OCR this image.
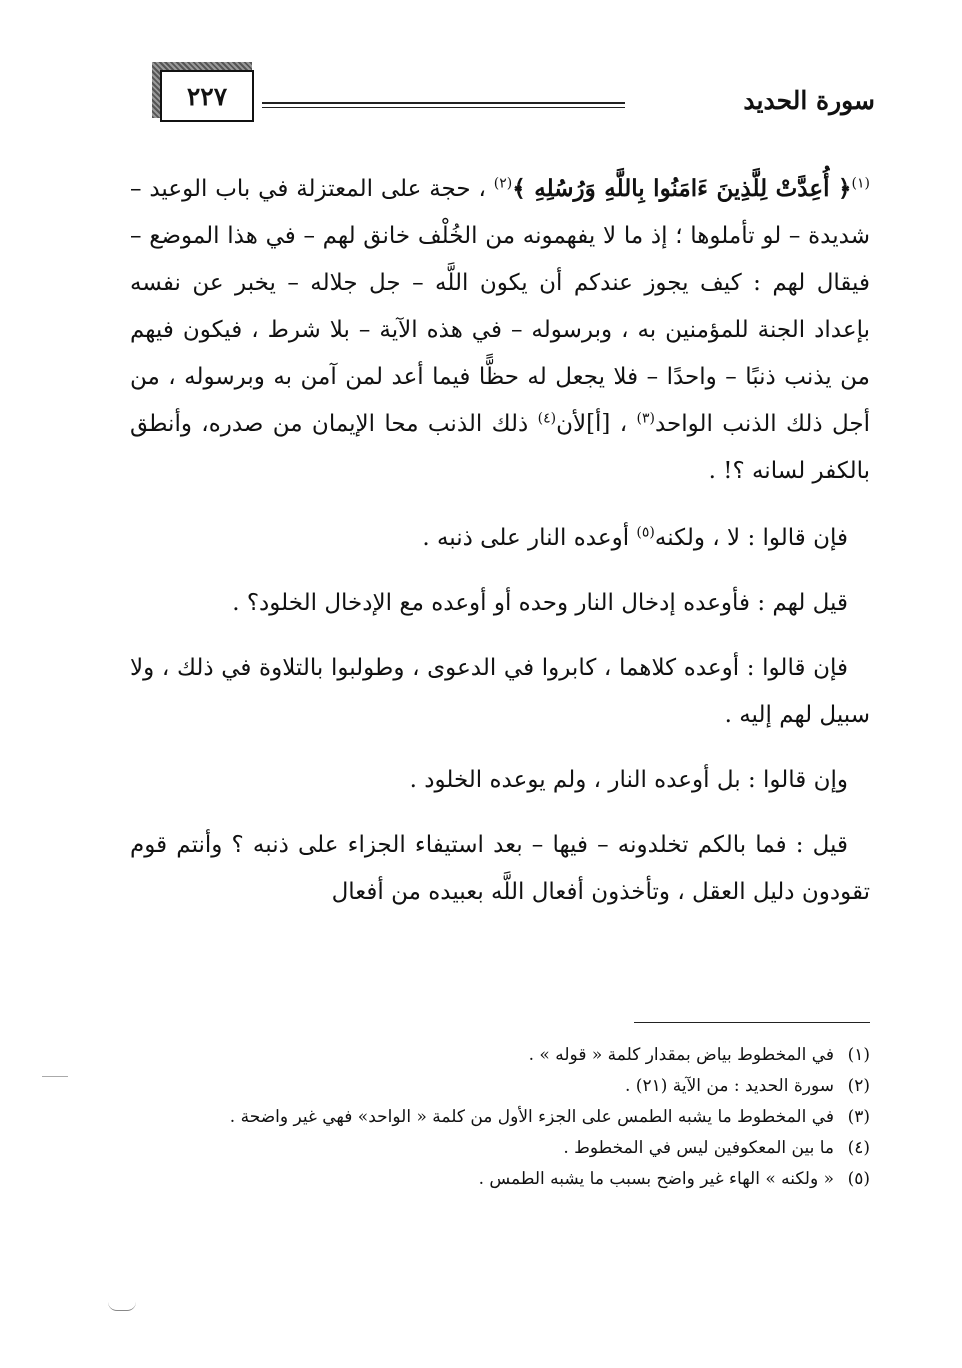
سورة الحديد
٢٢٧

$^{(١)}$﴿ أُعِدَّتْ لِلَّذِينَ ءَامَنُوا بِاللَّهِ وَرُسُلِهِ ﴾$^{(٢)}$ ، حجة على المعتزلة في باب الوعيد – شديدة – لو تأملوها ؛ إذ ما لا يفهمونه من الخُلْف خانق لهم – في هذا الموضع – فيقال لهم : كيف يجوز عندكم أن يكون اللَّه – جل جلاله – يخبر عن نفسه بإعداد الجنة للمؤمنين به ، وبرسوله – في هذه الآية – بلا شرط ، فيكون فيهم من يذنب ذنبًا – واحدًا – فلا يجعل له حظًّا فيما أعد لمن آمن به وبرسوله ، من أجل ذلك الذنب الواحد$^{(٣)}$ ، [أ]لأن$^{(٤)}$ ذلك الذنب محا الإيمان من صدره، وأنطق بالكفر لسانه ؟! .

فإن قالوا : لا ، ولكنه$^{(٥)}$ أوعده النار على ذنبه .

قيل لهم : فأوعده إدخال النار وحده أو أوعده مع الإدخال الخلود؟ .

فإن قالوا : أوعده كلاهما ، كابروا في الدعوى ، وطولبوا بالتلاوة في ذلك ، ولا سبيل لهم إليه .

وإن قالوا : بل أوعده النار ، ولم يوعده الخلود .

قيل : فما بالكم تخلدونه – فيها – بعد استيفاء الجزاء على ذنبه ؟ وأنتم قوم تقودون دليل العقل ، وتأخذون أفعال اللَّه بعبيده من أفعال

(١)
في المخطوط بياض بمقدار كلمة « قوله » .
(٢)
سورة الحديد : من الآية (٢١) .
(٣)
في المخطوط ما يشبه الطمس على الجزء الأول من كلمة « الواحد» فهي غير واضحة .
(٤)
ما بين المعكوفين ليس في المخطوط .
(٥)
« ولكنه » الهاء غير واضح بسبب ما يشبه الطمس .
